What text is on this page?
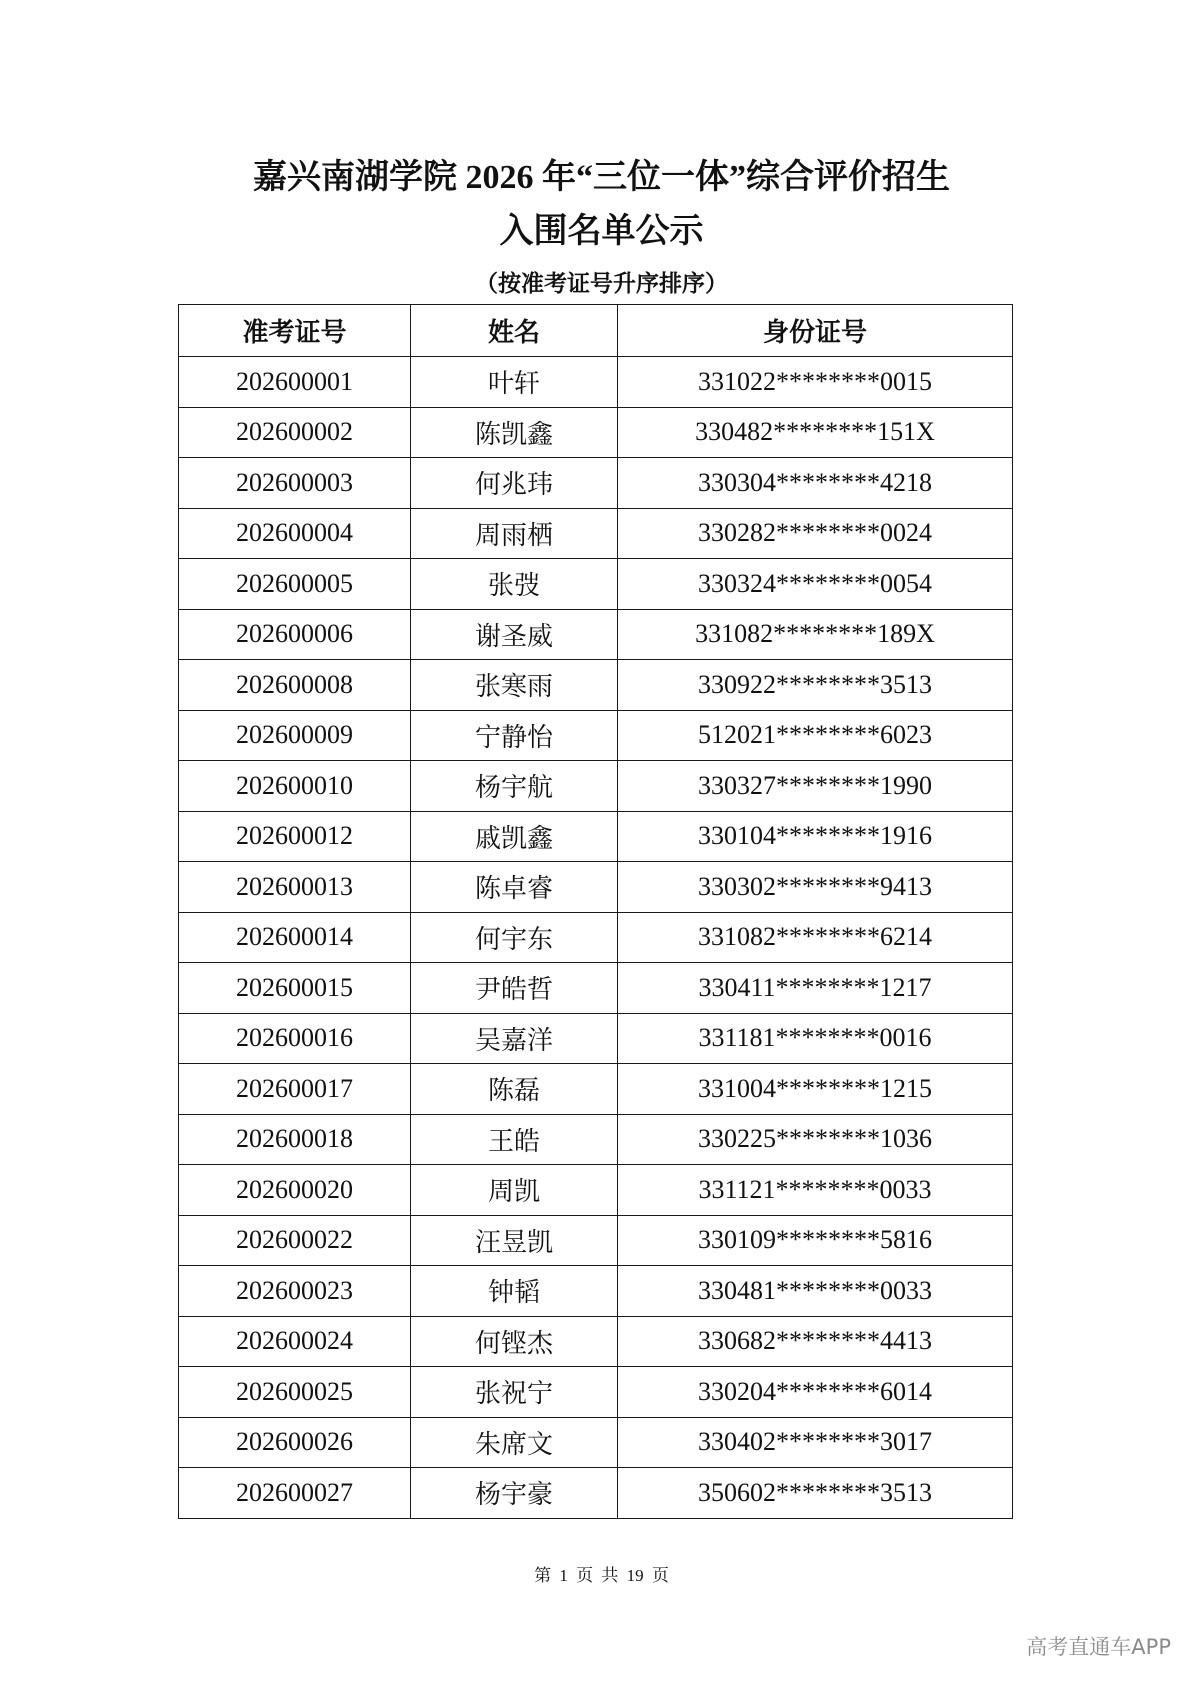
嘉兴南湖学院 2026 年“三位一体”综合评价招生
入围名单公示
（按准考证号升序排序）
准考证号	姓名	身份证号
202600001	叶轩	331022********0015
202600002	陈凯鑫	330482********151X
202600003	何兆玮	330304********4218
202600004	周雨栖	330282********0024
202600005	张弢	330324********0054
202600006	谢圣威	331082********189X
202600008	张寒雨	330922********3513
202600009	宁静怡	512021********6023
202600010	杨宇航	330327********1990
202600012	戚凯鑫	330104********1916
202600013	陈卓睿	330302********9413
202600014	何宇东	331082********6214
202600015	尹皓哲	330411********1217
202600016	吴嘉洋	331181********0016
202600017	陈磊	331004********1215
202600018	王皓	330225********1036
202600020	周凯	331121********0033
202600022	汪昱凯	330109********5816
202600023	钟韬	330481********0033
202600024	何铿杰	330682********4413
202600025	张祝宁	330204********6014
202600026	朱席文	330402********3017
202600027	杨宇豪	350602********3513
第 1 页 共 19 页
高考直通车APP
